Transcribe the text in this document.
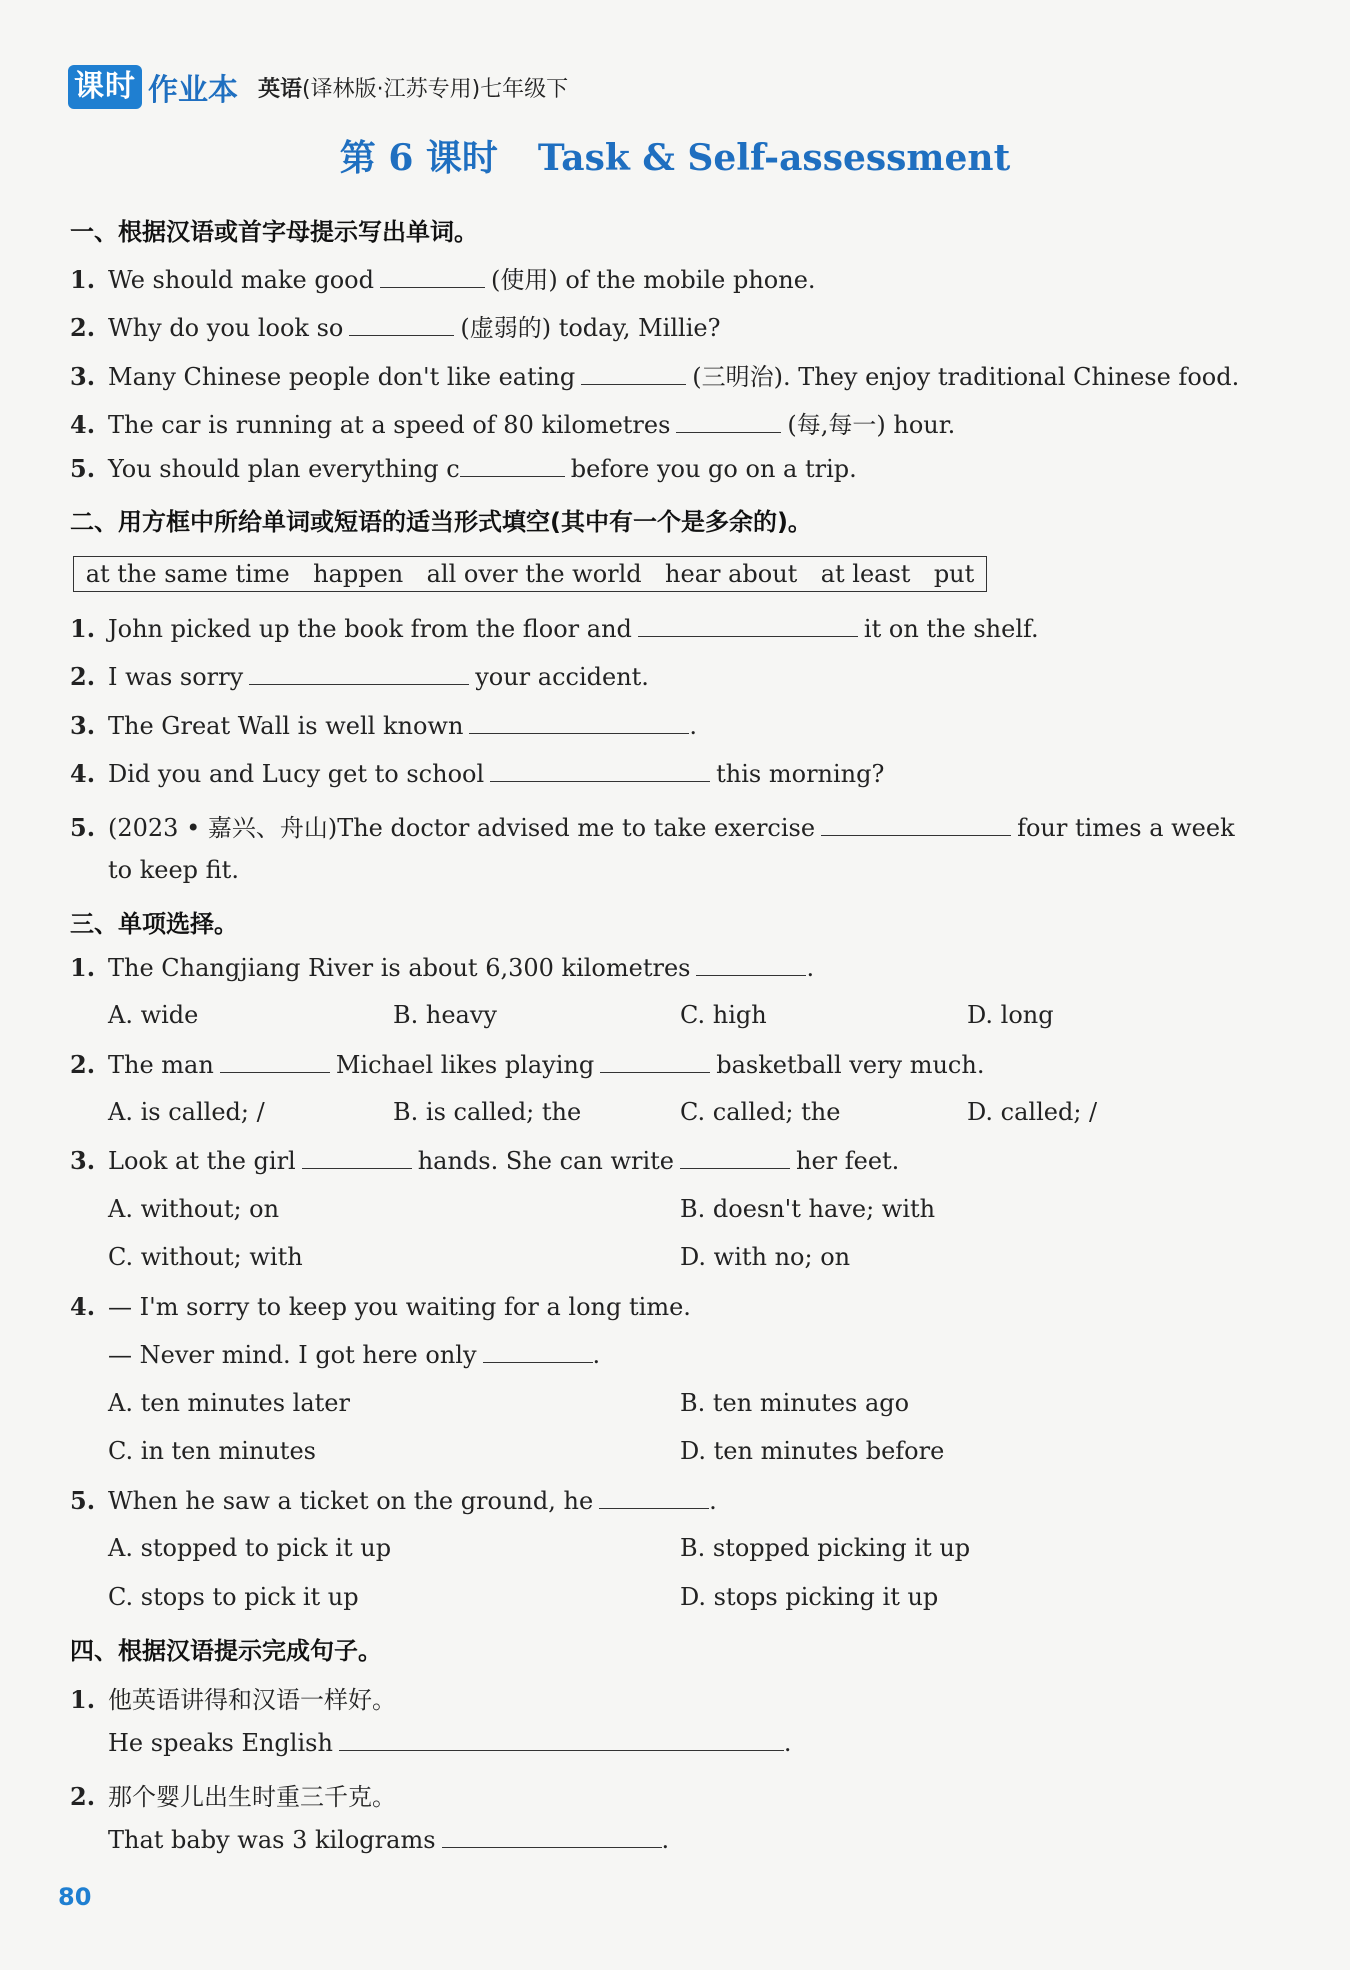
课时 作业本 英语(译林版·江苏专用)七年级下
第 6 课时 Task & Self-assessment
一、根据汉语或首字母提示写出单词。
1. We should make good	(使用) of the mobile phone.
2. Why do you look so	(虚弱的) today, Millie?
3. Many Chinese people don't like eating	(三明治). They enjoy traditional Chinese food.
4. The car is running at a speed of 80 kilometres	(每,每一) hour.
5. You should plan everything c	before you go on a trip.
二、用方框中所给单词或短语的适当形式填空(其中有一个是多余的)。
at the same time happen all over the world hear about at least put
1. John picked up the book from the floor and	it on the shelf.
2. I was sorry	your accident.
3. The Great Wall is well known	.
4. Did you and Lucy get to school	this morning?
5. (2023 • 嘉兴、舟山)The doctor advised me to take exercise	four times a week
to keep fit.
三、单项选择。
1. The Changjiang River is about 6,300 kilometres	.
A. wide	B. heavy	C. high	D. long
2. The man	Michael likes playing	basketball very much.
A. is called; /	B. is called; the	C. called; the	D. called; /
3. Look at the girl	hands. She can write	her feet.
A. without; on	B. doesn't have; with
C. without; with	D. with no; on
4. — I'm sorry to keep you waiting for a long time.
— Never mind. I got here only	.
A. ten minutes later	B. ten minutes ago
C. in ten minutes	D. ten minutes before
5. When he saw a ticket on the ground, he	.
A. stopped to pick it up	B. stopped picking it up
C. stops to pick it up	D. stops picking it up
四、根据汉语提示完成句子。
1. 他英语讲得和汉语一样好。
He speaks English	.
2. 那个婴儿出生时重三千克。
That baby was 3 kilograms	.
80
